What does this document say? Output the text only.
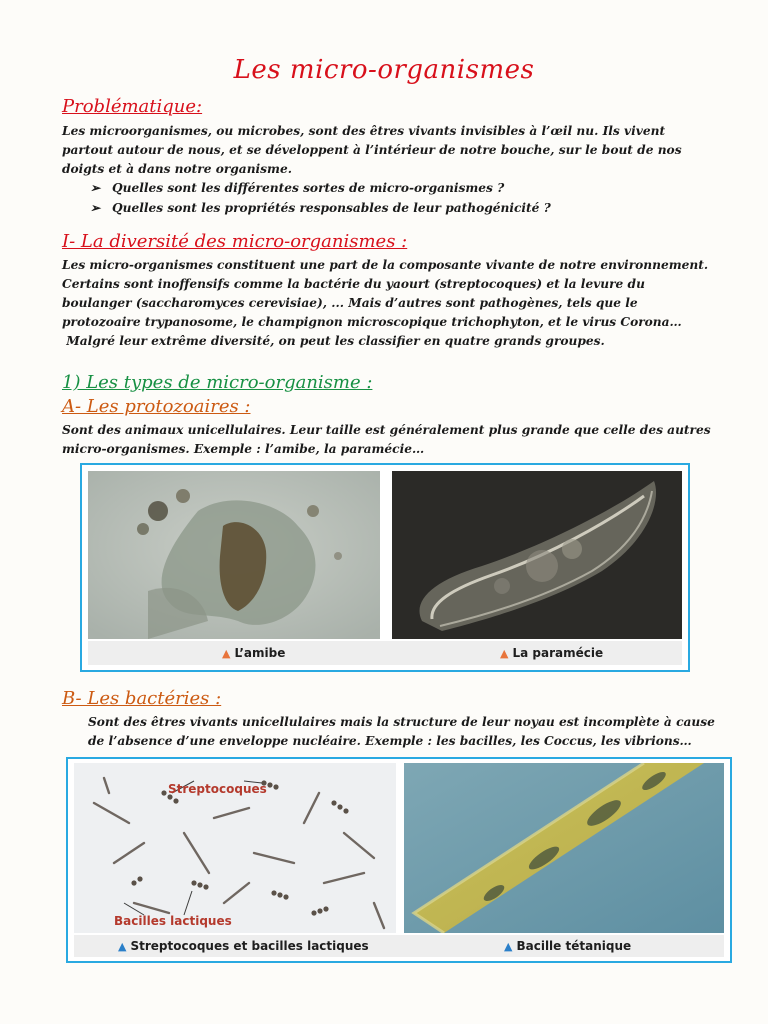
Les micro-organismes
Problématique:

Les microorganismes, ou microbes, sont des êtres vivants invisibles à l’œil nu. Ils vivent

partout autour de nous, et se développent à l’intérieur de notre bouche, sur le bout de nos

doigts et à dans notre organisme.

➢ Quelles sont les différentes sortes de micro-organismes ?
➢ Quelles sont les propriétés responsables de leur pathogénicité ?
I- La diversité des micro-organismes :

Les micro-organismes constituent une part de la composante vivante de notre environnement.

Certains sont inoffensifs comme la bactérie du yaourt (streptocoques) et la levure du

boulanger (saccharomyces cerevisiae), ... Mais d’autres sont pathogènes, tels que le

protozoaire trypanosome, le champignon microscopique trichophyton, et le virus Corona…

Malgré leur extrême diversité, on peut les classifier en quatre grands groupes.

1) Les types de micro-organisme :
A- Les protozoaires :

Sont des animaux unicellulaires. Leur taille est généralement plus grande que celle des autres

micro-organismes. Exemple : l’amibe, la paramécie…

▲ L’amibe	▲ La paramécie
B- Les bactéries :

Sont des êtres vivants unicellulaires mais la structure de leur noyau est incomplète à cause

de l’absence d’une enveloppe nucléaire. Exemple : les bacilles, les Coccus, les vibrions…

Streptocoques
Bacilles lactiques
▲ Streptocoques et bacilles lactiques	▲ Bacille tétanique
